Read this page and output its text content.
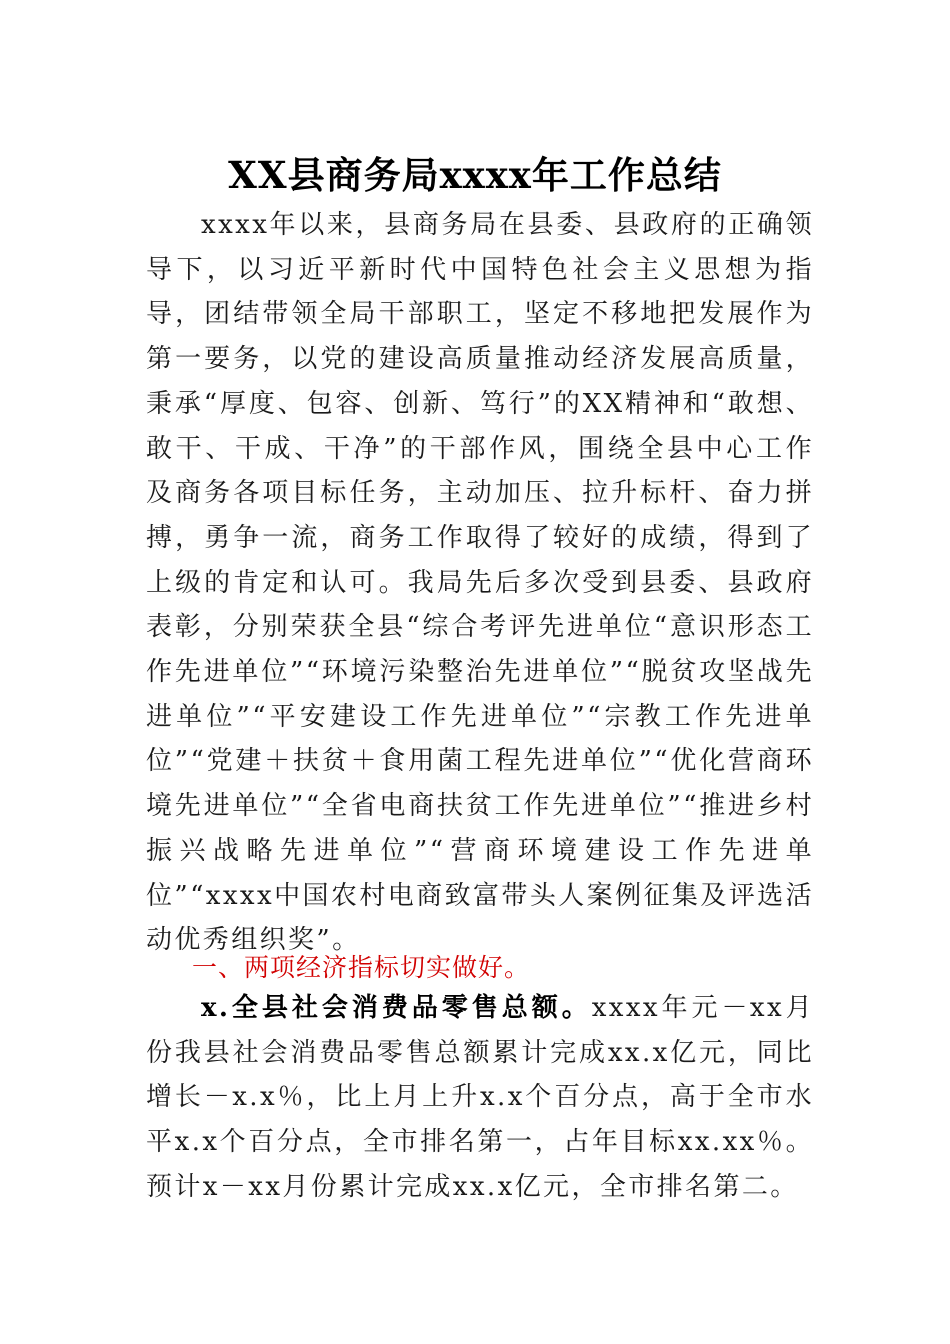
XX县商务局xxxx年工作总结
xxxx年以来，县商务局在县委、县政府的正确领导下，以习近平新时代中国特色社会主义思想为指导，团结带领全局干部职工，坚定不移地把发展作为第一要务，以党的建设高质量推动经济发展高质量，秉承“厚度、包容、创新、笃行”的XX精神和“敢想、敢干、干成、干净”的干部作风，围绕全县中心工作及商务各项目标任务，主动加压、拉升标杆、奋力拼搏，勇争一流，商务工作取得了较好的成绩，得到了上级的肯定和认可。我局先后多次受到县委、县政府表彰，分别荣获全县“综合考评先进单位“意识形态工作先进单位”“环境污染整治先进单位”“脱贫攻坚战先进单位”“平安建设工作先进单位”“宗教工作先进单位”“党建＋扶贫＋食用菌工程先进单位”“优化营商环境先进单位”“全省电商扶贫工作先进单位”“推进乡村振兴战略先进单位”“营商环境建设工作先进单位”“xxxx中国农村电商致富带头人案例征集及评选活动优秀组织奖”。
一、两项经济指标切实做好。
x.全县社会消费品零售总额。xxxx年元－xx月份我县社会消费品零售总额累计完成xx.x亿元，同比增长－x.x％，比上月上升x.x个百分点，高于全市水平x.x个百分点，全市排名第一，占年目标xx.xx％。预计x－xx月份累计完成xx.x亿元，全市排名第二。
